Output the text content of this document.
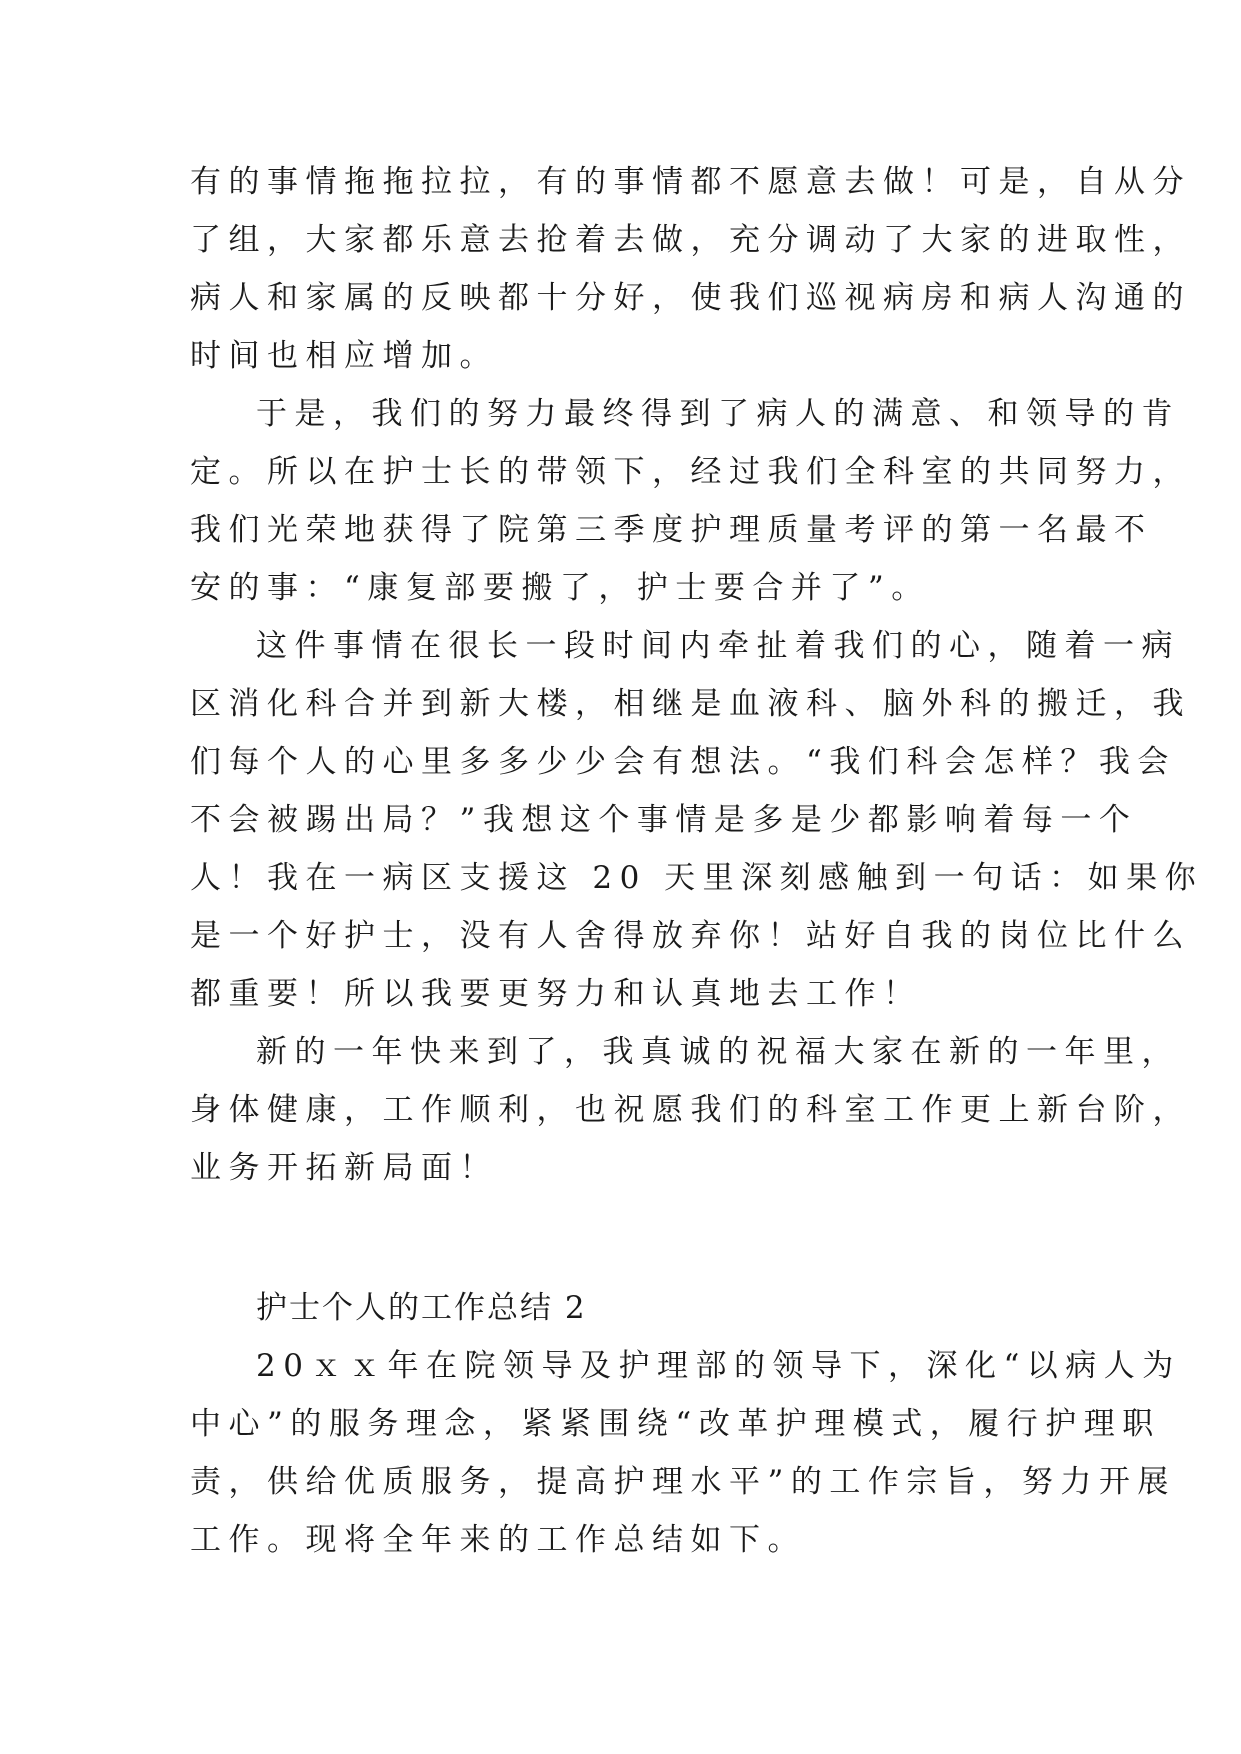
有的事情拖拖拉拉，有的事情都不愿意去做！可是，自从分
了组，大家都乐意去抢着去做，充分调动了大家的进取性，
病人和家属的反映都十分好，使我们巡视病房和病人沟通的
时间也相应增加。
于是，我们的努力最终得到了病人的满意、和领导的肯
定。所以在护士长的带领下，经过我们全科室的共同努力，
我们光荣地获得了院第三季度护理质量考评的第一名最不
安的事：“康复部要搬了，护士要合并了”。
这件事情在很长一段时间内牵扯着我们的心，随着一病
区消化科合并到新大楼，相继是血液科、脑外科的搬迁，我
们每个人的心里多多少少会有想法。“我们科会怎样？我会
不会被踢出局？”我想这个事情是多是少都影响着每一个
人！我在一病区支援这 20 天里深刻感触到一句话：如果你
是一个好护士，没有人舍得放弃你！站好自我的岗位比什么
都重要！所以我要更努力和认真地去工作！
新的一年快来到了，我真诚的祝福大家在新的一年里，
身体健康，工作顺利，也祝愿我们的科室工作更上新台阶，
业务开拓新局面！
护士个人的工作总结 2
20ｘｘ年在院领导及护理部的领导下，深化“以病人为
中心”的服务理念，紧紧围绕“改革护理模式，履行护理职
责，供给优质服务，提高护理水平”的工作宗旨，努力开展
工作。现将全年来的工作总结如下。
